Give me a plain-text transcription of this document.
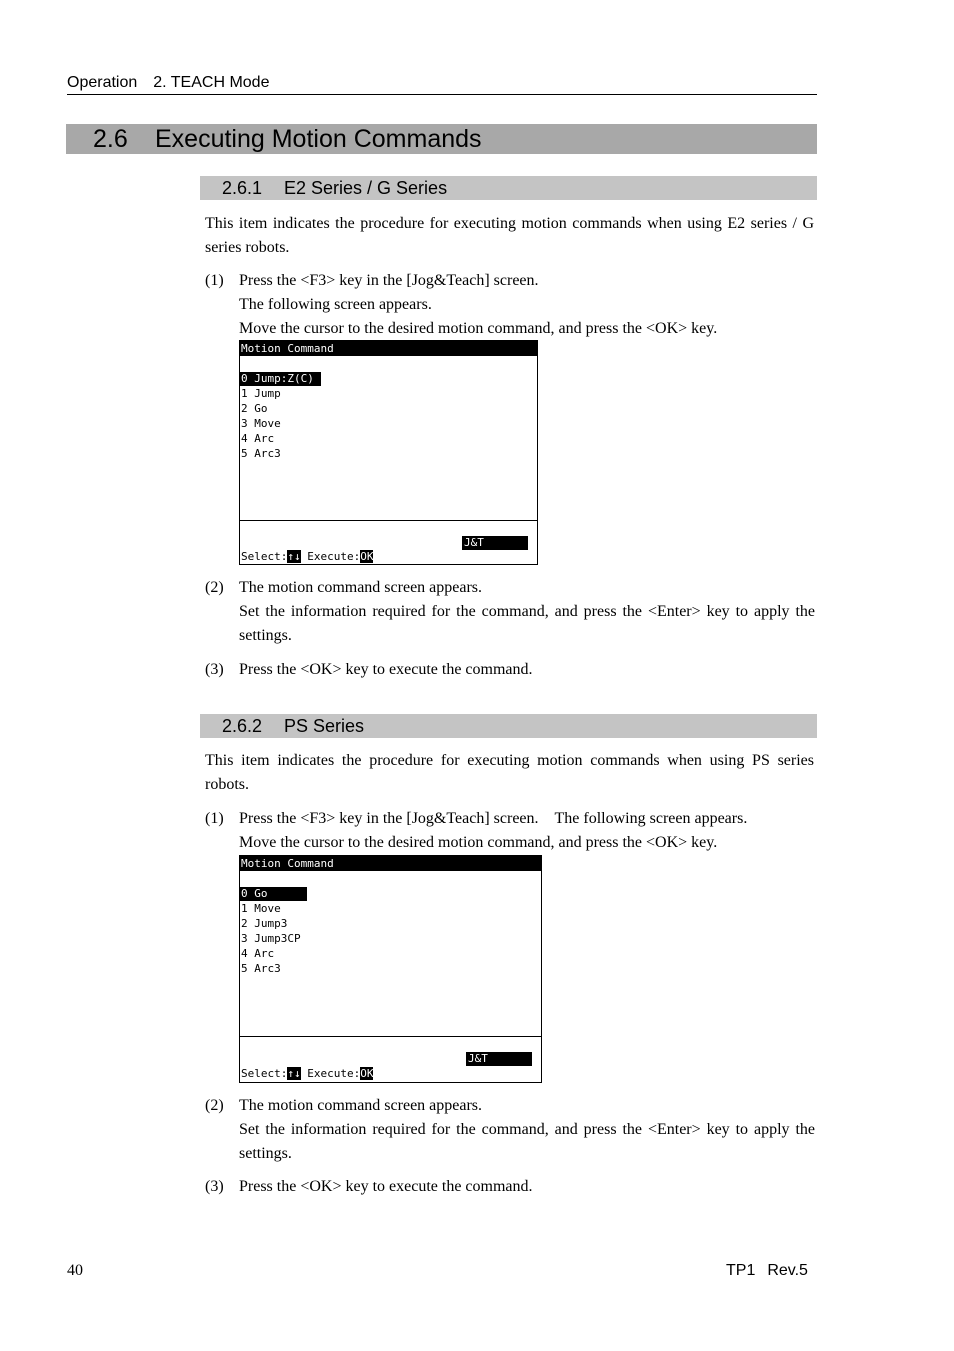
Operation 2. TEACH Mode
2.6 Executing Motion Commands
2.6.1 E2 Series / G Series
This item indicates the procedure for executing motion commands when using E2 series / G series robots.
(1) Press the <F3> key in the [Jog&Teach] screen.
The following screen appears.
Move the cursor to the desired motion command, and press the <OK> key.
Motion Command
0 Jump:Z(C)
1 Jump
2 Go
3 Move
4 Arc
5 Arc3
J&T
Select:↑↓ Execute:OK
(2) The motion command screen appears.
Set the information required for the command, and press the <Enter> key to apply the settings.
(3) Press the <OK> key to execute the command.
2.6.2 PS Series
This item indicates the procedure for executing motion commands when using PS series robots.
(1) Press the <F3> key in the [Jog&Teach] screen.　The following screen appears.
Move the cursor to the desired motion command, and press the <OK> key.
Motion Command
0 Go
1 Move
2 Jump3
3 Jump3CP
4 Arc
5 Arc3
J&T
Select:↑↓ Execute:OK
(2) The motion command screen appears.
Set the information required for the command, and press the <Enter> key to apply the settings.
(3) Press the <OK> key to execute the command.
40	TP1 Rev.5
